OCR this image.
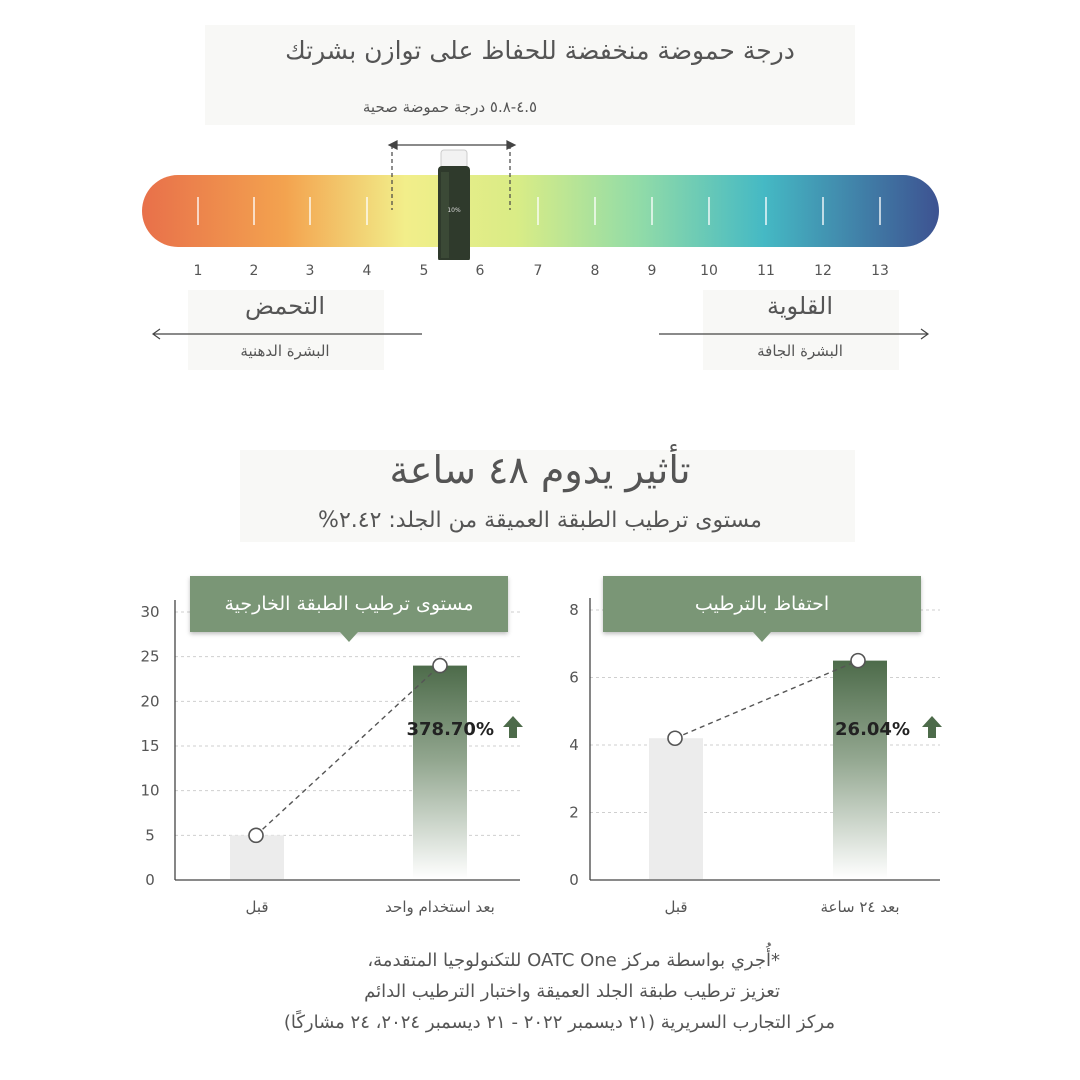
درجة حموضة منخفضة للحفاظ على توازن بشرتك
٤.٥-٥.٨ درجة حموضة صحية
10%
1	2	3	4	5	6	7	8	9	10	11	12	13
التحمض
البشرة الدهنية
القلوية
البشرة الجافة
تأثير يدوم ٤٨ ساعة
مستوى ترطيب الطبقة العميقة من الجلد: ٢.٤٢%
0
5
10
15
20
25
30
قبل	بعد استخدام واحد
378.70%
0
2
4
6
8
قبل	بعد ٢٤ ساعة
26.04%
مستوى ترطيب الطبقة الخارجية	احتفاظ بالترطيب
*أُجري بواسطة مركز OATC One للتكنولوجيا المتقدمة،
تعزيز ترطيب طبقة الجلد العميقة واختبار الترطيب الدائم
مركز التجارب السريرية (٢١ ديسمبر ٢٠٢٢ - ٢١ ديسمبر ٢٠٢٤، ٢٤ مشاركًا)
